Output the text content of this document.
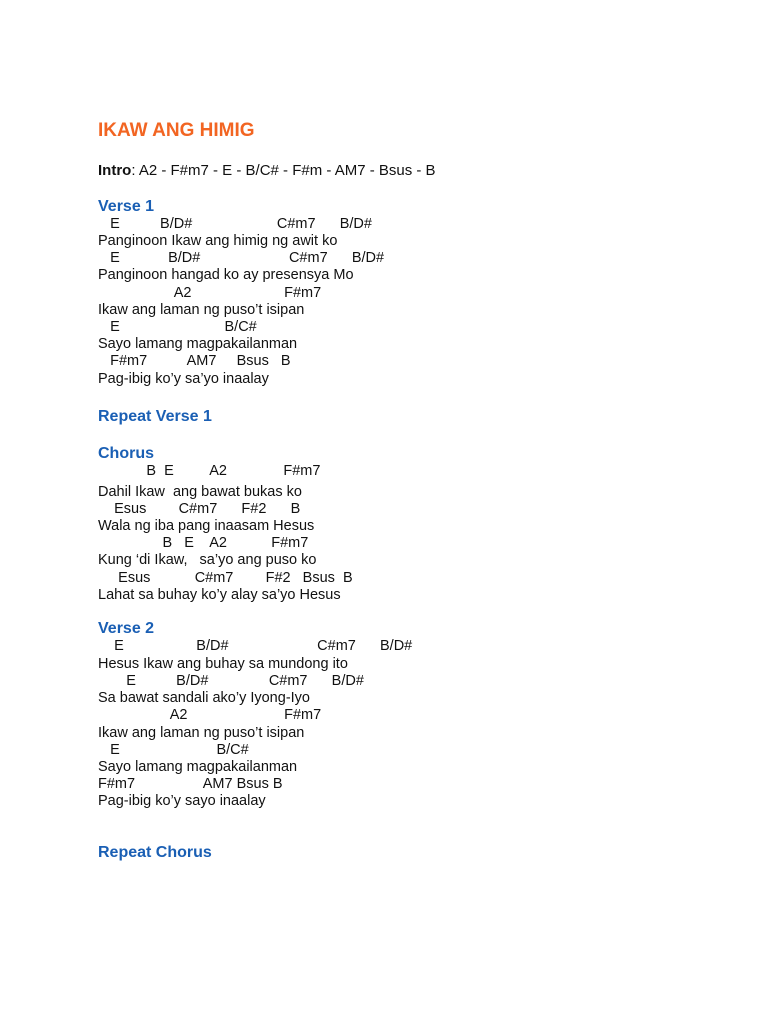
IKAW ANG HIMIG
Intro: A2 - F#m7 - E - B/C# - F#m - AM7 - Bsus - B
Verse 1
E          B/D#                     C#m7      B/D#
Panginoon Ikaw ang himig ng awit ko
E            B/D#                      C#m7      B/D#
Panginoon hangad ko ay presensya Mo
A2                       F#m7
Ikaw ang laman ng puso’t isipan
E                          B/C#
Sayo lamang magpakailanman
F#m7          AM7     Bsus   B
Pag-ibig ko’y sa’yo inaalay
Repeat Verse 1
Chorus
B  E         A2              F#m7
Dahil Ikaw  ang bawat bukas ko
Esus        C#m7      F#2      B
Wala ng iba pang inaasam Hesus
B   E    A2           F#m7
Kung ‘di Ikaw,   sa’yo ang puso ko
Esus           C#m7        F#2   Bsus  B
Lahat sa buhay ko’y alay sa’yo Hesus
Verse 2
E                  B/D#                      C#m7      B/D#
Hesus Ikaw ang buhay sa mundong ito
E          B/D#               C#m7      B/D#
Sa bawat sandali ako’y Iyong-Iyo
A2                        F#m7
Ikaw ang laman ng puso’t isipan
E                        B/C#
Sayo lamang magpakailanman
F#m7                 AM7 Bsus B
Pag-ibig ko’y sayo inaalay
Repeat Chorus
